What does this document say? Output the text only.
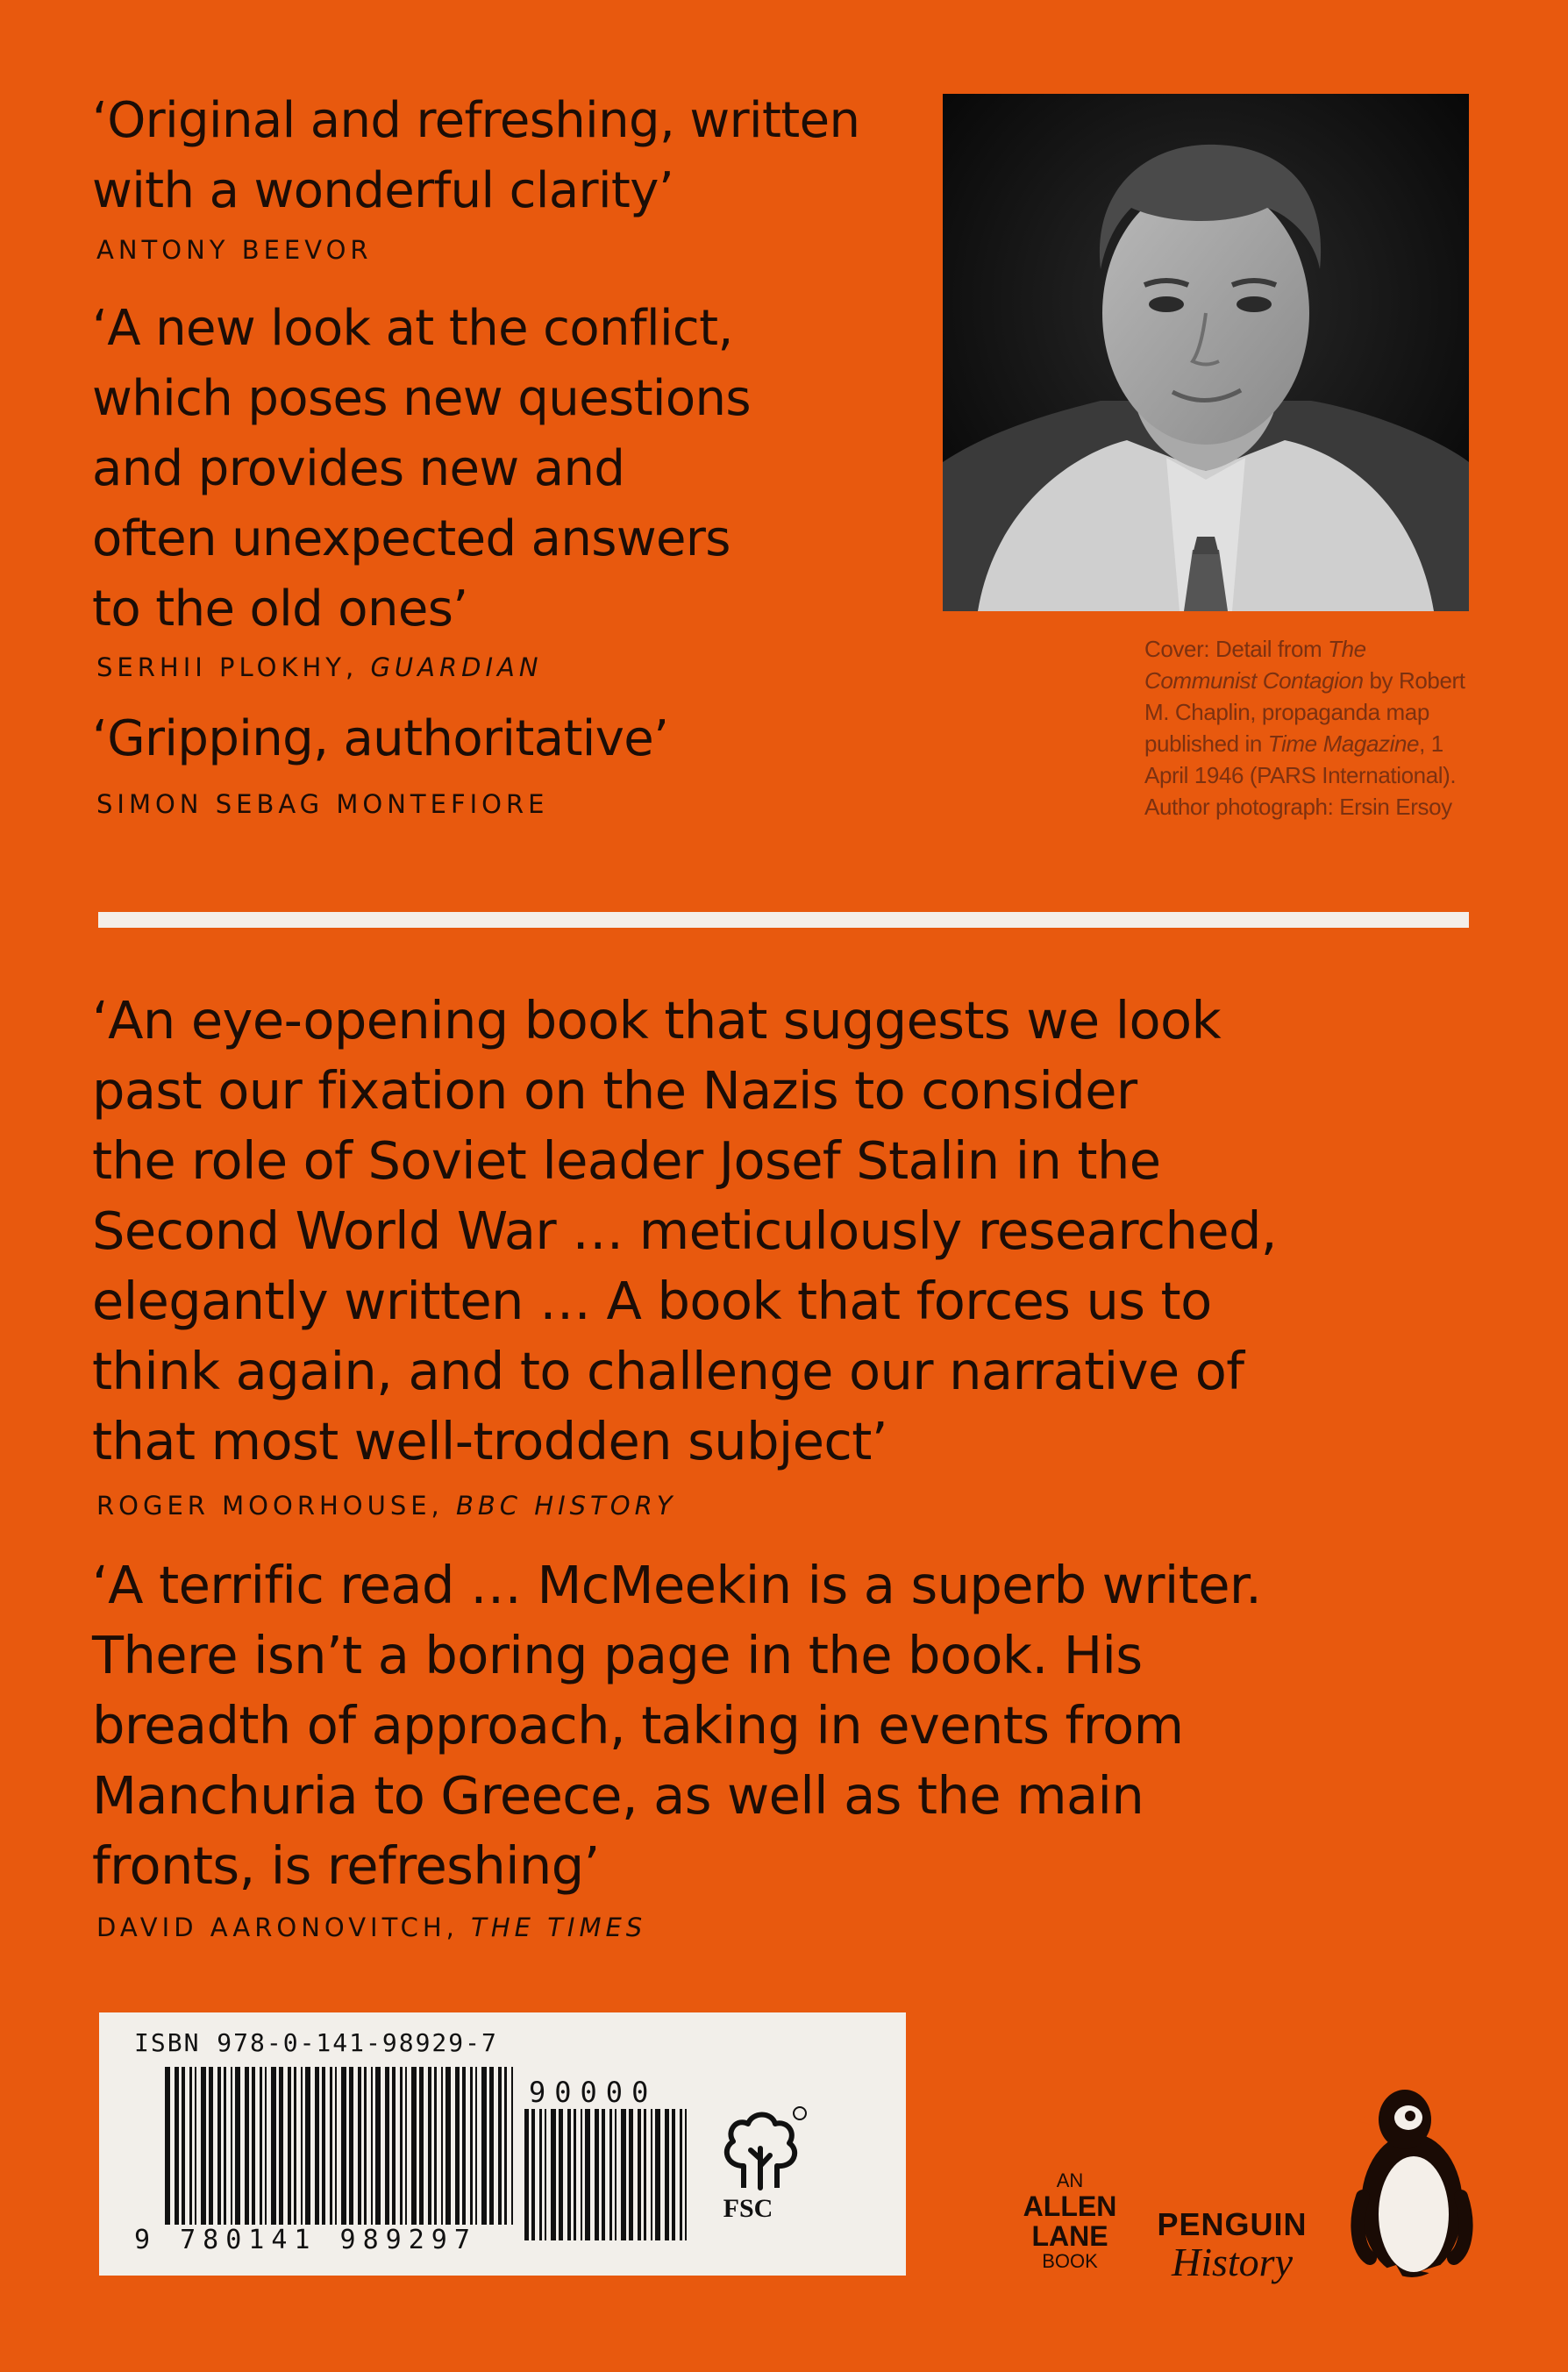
‘Original and refreshing, written
with a wonderful clarity’

ANTONY BEEVOR

‘A new look at the conflict,
which poses new questions
and provides new and
often unexpected answers
to the old ones’

SERHII PLOKHY, GUARDIAN

‘Gripping, authoritative’

SIMON SEBAG MONTEFIORE

Cover: Detail from The Communist Contagion by Robert M. Chaplin, propaganda map published in Time Magazine, 1 April 1946 (PARS International). Author photograph: Ersin Ersoy

‘An eye-opening book that suggests we look
past our fixation on the Nazis to consider
the role of Soviet leader Josef Stalin in the
Second World War … meticulously researched,
elegantly written … A book that forces us to
think again, and to challenge our narrative of
that most well-trodden subject’

ROGER MOORHOUSE, BBC HISTORY

‘A terrific read … McMeekin is a superb writer.
There isn’t a boring page in the book. His
breadth of approach, taking in events from
Manchuria to Greece, as well as the main
fronts, is refreshing’

DAVID AARONOVITCH, THE TIMES

ISBN 978-0-141-98929-7
9 780141 989297
90000
FSC
AN
ALLEN
LANE
BOOK
PENGUIN
History
